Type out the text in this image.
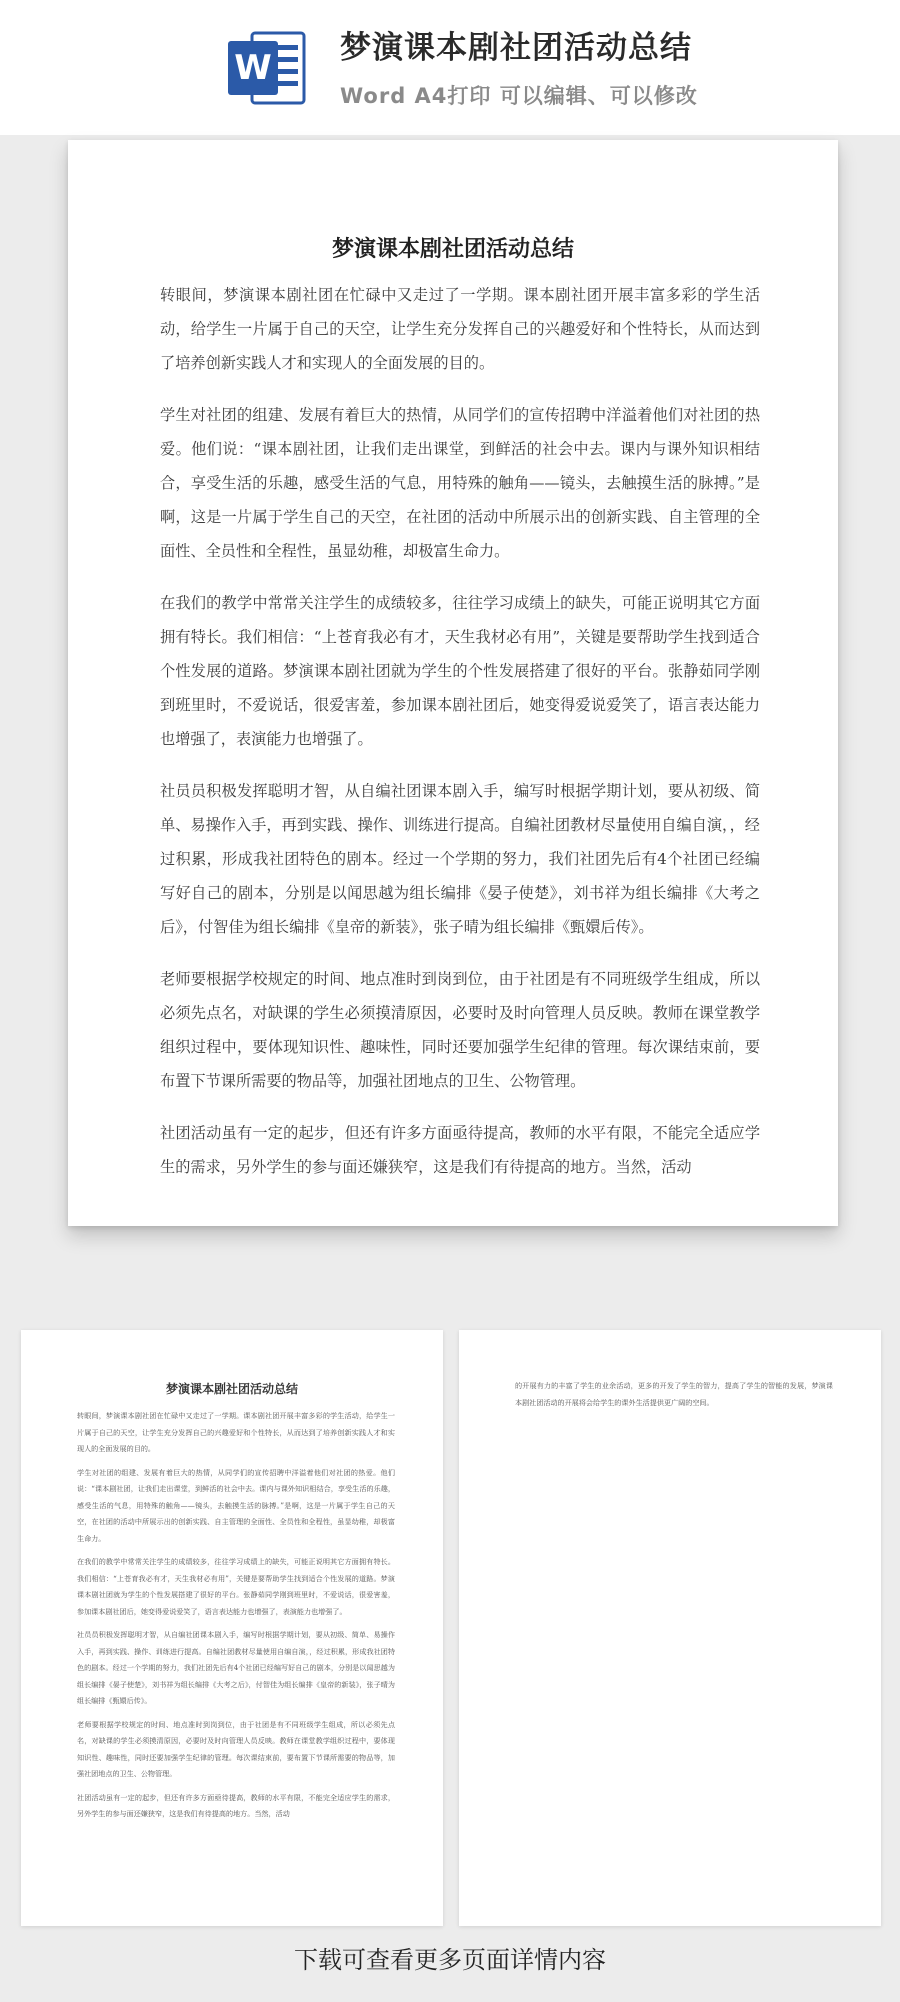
W 梦演课本剧社团活动总结
Word A4打印 可以编辑、可以修改
梦演课本剧社团活动总结

转眼间，梦演课本剧社团在忙碌中又走过了一学期。课本剧社团开展丰富多彩的学生活动，给学生一片属于自己的天空，让学生充分发挥自己的兴趣爱好和个性特长，从而达到了培养创新实践人才和实现人的全面发展的目的。

学生对社团的组建、发展有着巨大的热情，从同学们的宣传招聘中洋溢着他们对社团的热爱。他们说：“课本剧社团，让我们走出课堂，到鲜活的社会中去。课内与课外知识相结合，享受生活的乐趣，感受生活的气息，用特殊的触角——镜头，去触摸生活的脉搏。”是啊，这是一片属于学生自己的天空，在社团的活动中所展示出的创新实践、自主管理的全面性、全员性和全程性，虽显幼稚，却极富生命力。

在我们的教学中常常关注学生的成绩较多，往往学习成绩上的缺失，可能正说明其它方面拥有特长。我们相信：“上苍育我必有才，天生我材必有用”，关键是要帮助学生找到适合个性发展的道路。梦演课本剧社团就为学生的个性发展搭建了很好的平台。张静茹同学刚到班里时，不爱说话，很爱害羞，参加课本剧社团后，她变得爱说爱笑了，语言表达能力也增强了，表演能力也增强了。

社员员积极发挥聪明才智，从自编社团课本剧入手，编写时根据学期计划，要从初级、简单、易操作入手，再到实践、操作、训练进行提高。自编社团教材尽量使用自编自演，，经过积累，形成我社团特色的剧本。经过一个学期的努力，我们社团先后有4个社团已经编写好自己的剧本，分别是以闻思越为组长编排《晏子使楚》，刘书祥为组长编排《大考之后》，付智佳为组长编排《皇帝的新装》，张子晴为组长编排《甄嬛后传》。

老师要根据学校规定的时间、地点准时到岗到位，由于社团是有不同班级学生组成，所以必须先点名，对缺课的学生必须摸清原因，必要时及时向管理人员反映。教师在课堂教学组织过程中，要体现知识性、趣味性，同时还要加强学生纪律的管理。每次课结束前，要布置下节课所需要的物品等，加强社团地点的卫生、公物管理。

社团活动虽有一定的起步，但还有许多方面亟待提高，教师的水平有限，不能完全适应学生的需求，另外学生的参与面还嫌狭窄，这是我们有待提高的地方。当然，活动

梦演课本剧社团活动总结

转眼间，梦演课本剧社团在忙碌中又走过了一学期。课本剧社团开展丰富多彩的学生活动，给学生一片属于自己的天空，让学生充分发挥自己的兴趣爱好和个性特长，从而达到了培养创新实践人才和实现人的全面发展的目的。

学生对社团的组建、发展有着巨大的热情，从同学们的宣传招聘中洋溢着他们对社团的热爱。他们说：“课本剧社团，让我们走出课堂，到鲜活的社会中去。课内与课外知识相结合，享受生活的乐趣，感受生活的气息，用特殊的触角——镜头，去触摸生活的脉搏。”是啊，这是一片属于学生自己的天空，在社团的活动中所展示出的创新实践、自主管理的全面性、全员性和全程性，虽显幼稚，却极富生命力。

在我们的教学中常常关注学生的成绩较多，往往学习成绩上的缺失，可能正说明其它方面拥有特长。我们相信：“上苍育我必有才，天生我材必有用”，关键是要帮助学生找到适合个性发展的道路。梦演课本剧社团就为学生的个性发展搭建了很好的平台。张静茹同学刚到班里时，不爱说话，很爱害羞，参加课本剧社团后，她变得爱说爱笑了，语言表达能力也增强了，表演能力也增强了。

社员员积极发挥聪明才智，从自编社团课本剧入手，编写时根据学期计划，要从初级、简单、易操作入手，再到实践、操作、训练进行提高。自编社团教材尽量使用自编自演，，经过积累，形成我社团特色的剧本。经过一个学期的努力，我们社团先后有4个社团已经编写好自己的剧本，分别是以闻思越为组长编排《晏子使楚》，刘书祥为组长编排《大考之后》，付智佳为组长编排《皇帝的新装》，张子晴为组长编排《甄嬛后传》。

老师要根据学校规定的时间、地点准时到岗到位，由于社团是有不同班级学生组成，所以必须先点名，对缺课的学生必须摸清原因，必要时及时向管理人员反映。教师在课堂教学组织过程中，要体现知识性、趣味性，同时还要加强学生纪律的管理。每次课结束前，要布置下节课所需要的物品等，加强社团地点的卫生、公物管理。

社团活动虽有一定的起步，但还有许多方面亟待提高，教师的水平有限，不能完全适应学生的需求，另外学生的参与面还嫌狭窄，这是我们有待提高的地方。当然，活动

的开展有力的丰富了学生的业余活动，更多的开发了学生的智力，提高了学生的智能的发展，梦演课本剧社团活动的开展将会给学生的课外生活提供更广阔的空间。

下载可查看更多页面详情内容
